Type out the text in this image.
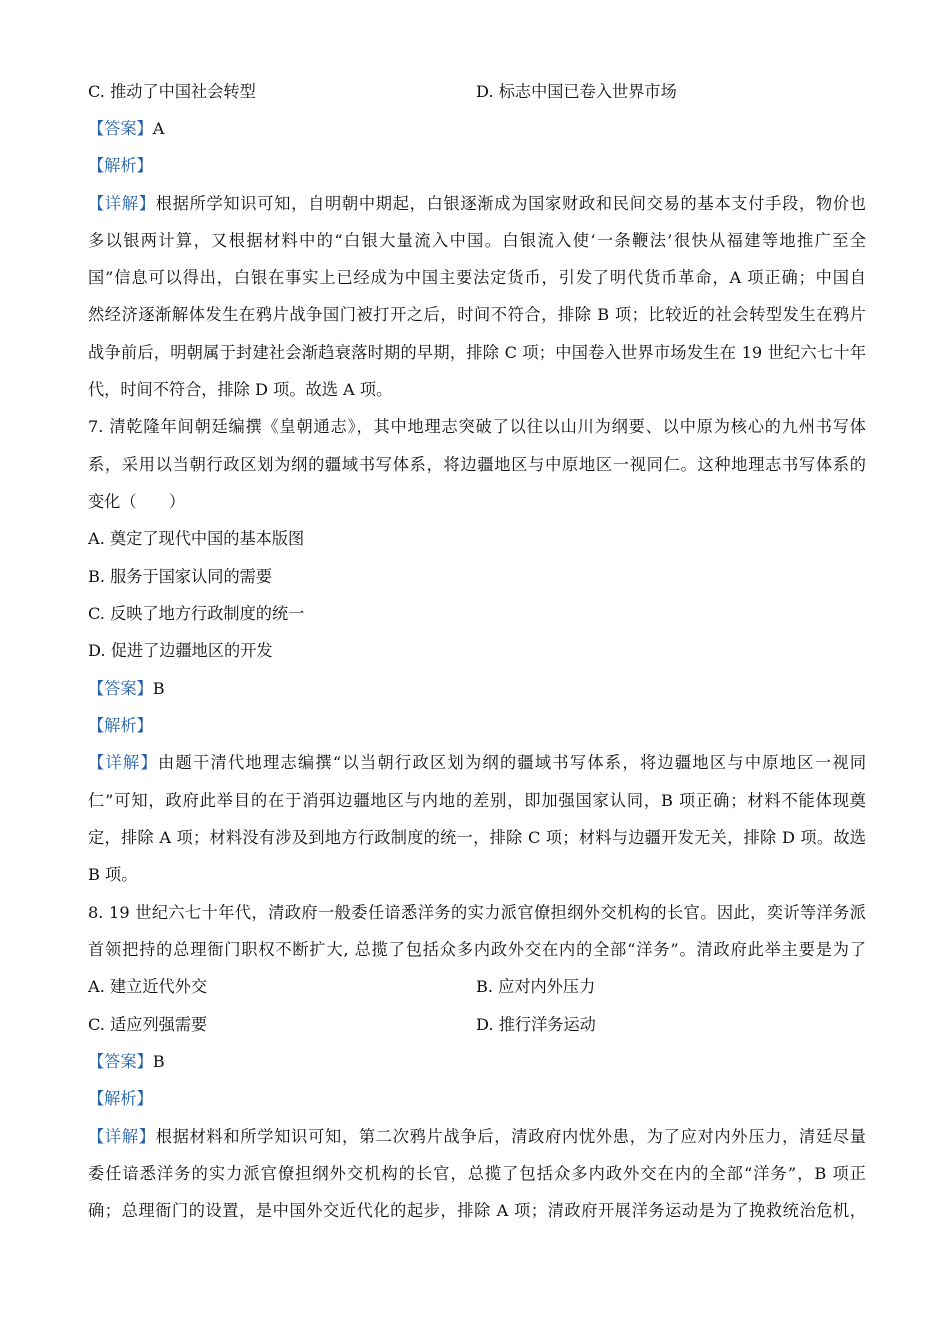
C. 推动了中国社会转型	D. 标志中国已卷入世界市场
【答案】A
【解析】
【详解】根据所学知识可知，自明朝中期起，白银逐渐成为国家财政和民间交易的基本支付手段，物价也
多以银两计算，又根据材料中的“白银大量流入中国。白银流入使‘一条鞭法’很快从福建等地推广至全
国”信息可以得出，白银在事实上已经成为中国主要法定货币，引发了明代货币革命，A 项正确；中国自
然经济逐渐解体发生在鸦片战争国门被打开之后，时间不符合，排除 B 项；比较近的社会转型发生在鸦片
战争前后，明朝属于封建社会渐趋衰落时期的早期，排除 C 项；中国卷入世界市场发生在 19 世纪六七十年
代，时间不符合，排除 D 项。故选 A 项。
7. 清乾隆年间朝廷编撰《皇朝通志》，其中地理志突破了以往以山川为纲要、以中原为核心的九州书写体
系，采用以当朝行政区划为纲的疆域书写体系，将边疆地区与中原地区一视同仁。这种地理志书写体系的
变化（　　）
A. 奠定了现代中国的基本版图
B. 服务于国家认同的需要
C. 反映了地方行政制度的统一
D. 促进了边疆地区的开发
【答案】B
【解析】
【详解】由题干清代地理志编撰“以当朝行政区划为纲的疆域书写体系，将边疆地区与中原地区一视同
仁”可知，政府此举目的在于消弭边疆地区与内地的差别，即加强国家认同，B 项正确；材料不能体现奠
定，排除 A 项；材料没有涉及到地方行政制度的统一，排除 C 项；材料与边疆开发无关，排除 D 项。故选
B 项。
8. 19 世纪六七十年代，清政府一般委任谙悉洋务的实力派官僚担纲外交机构的长官。因此，奕䜣等洋务派
首领把持的总理衙门职权不断扩大, 总揽了包括众多内政外交在内的全部“洋务”。清政府此举主要是为了
A. 建立近代外交	B. 应对内外压力
C. 适应列强需要	D. 推行洋务运动
【答案】B
【解析】
【详解】根据材料和所学知识可知，第二次鸦片战争后，清政府内忧外患，为了应对内外压力，清廷尽量
委任谙悉洋务的实力派官僚担纲外交机构的长官，总揽了包括众多内政外交在内的全部“洋务”，B 项正
确；总理衙门的设置，是中国外交近代化的起步，排除 A 项；清政府开展洋务运动是为了挽救统治危机，
